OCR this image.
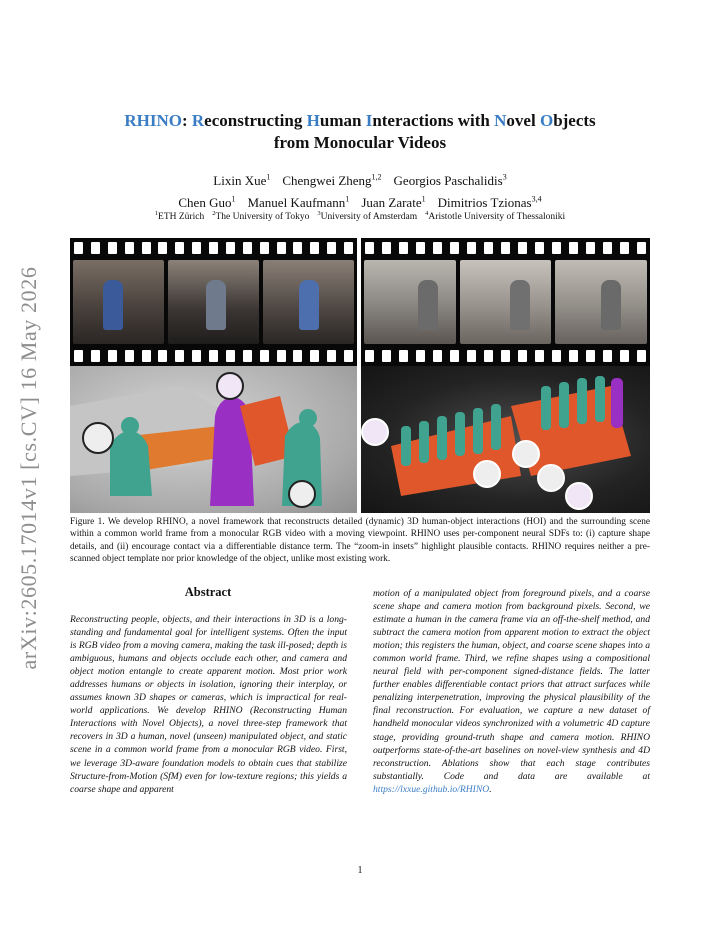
arXiv:2605.17014v1 [cs.CV] 16 May 2026
RHINO: Reconstructing Human Interactions with Novel Objects
from Monocular Videos
Lixin Xue$^1$ Chengwei Zheng$^{1,2}$ Georgios Paschalidis$^3$
Chen Guo$^1$ Manuel Kaufmann$^1$ Juan Zarate$^1$ Dimitrios Tzionas$^{3,4}$
$^1$ETH Zürich $^2$The University of Tokyo $^3$University of Amsterdam $^4$Aristotle University of Thessaloniki
Figure 1. We develop RHINO, a novel framework that reconstructs detailed (dynamic) 3D human-object interactions (HOI) and the surrounding scene within a common world frame from a monocular RGB video with a moving viewpoint. RHINO uses per-component neural SDFs to: (i) capture shape details, and (ii) encourage contact via a differentiable distance term. The “zoom-in insets” highlight plausible contacts. RHINO requires neither a pre-scanned object template nor prior knowledge of the object, unlike most existing work.
Abstract
Reconstructing people, objects, and their interactions in 3D is a long-standing and fundamental goal for intelligent systems. Often the input is RGB video from a moving camera, making the task ill-posed; depth is ambiguous, humans and objects occlude each other, and camera and object motion entangle to create apparent motion. Most prior work addresses humans or objects in isolation, ignoring their interplay, or assumes known 3D shapes or cameras, which is impractical for real-world applications. We develop RHINO (Reconstructing Human Interactions with Novel Objects), a novel three-step framework that recovers in 3D a human, novel (unseen) manipulated object, and static scene in a common world frame from a monocular RGB video. First, we leverage 3D-aware foundation models to obtain cues that stabilize Structure-from-Motion (SfM) even for low-texture regions; this yields a coarse shape and apparent
motion of a manipulated object from foreground pixels, and a coarse scene shape and camera motion from background pixels. Second, we estimate a human in the camera frame via an off-the-shelf method, and subtract the camera motion from apparent motion to extract the object motion; this registers the human, object, and coarse scene shapes into a common world frame. Third, we refine shapes using a compositional neural field with per-component signed-distance fields. The latter further enables differentiable contact priors that attract surfaces while penalizing interpenetration, improving the physical plausibility of the final reconstruction. For evaluation, we capture a new dataset of handheld monocular videos synchronized with a volumetric 4D capture stage, providing ground-truth shape and camera motion. RHINO outperforms state-of-the-art baselines on novel-view synthesis and 4D reconstruction. Ablations show that each stage contributes substantially. Code and data are available at https://lxxue.github.io/RHINO.
1
